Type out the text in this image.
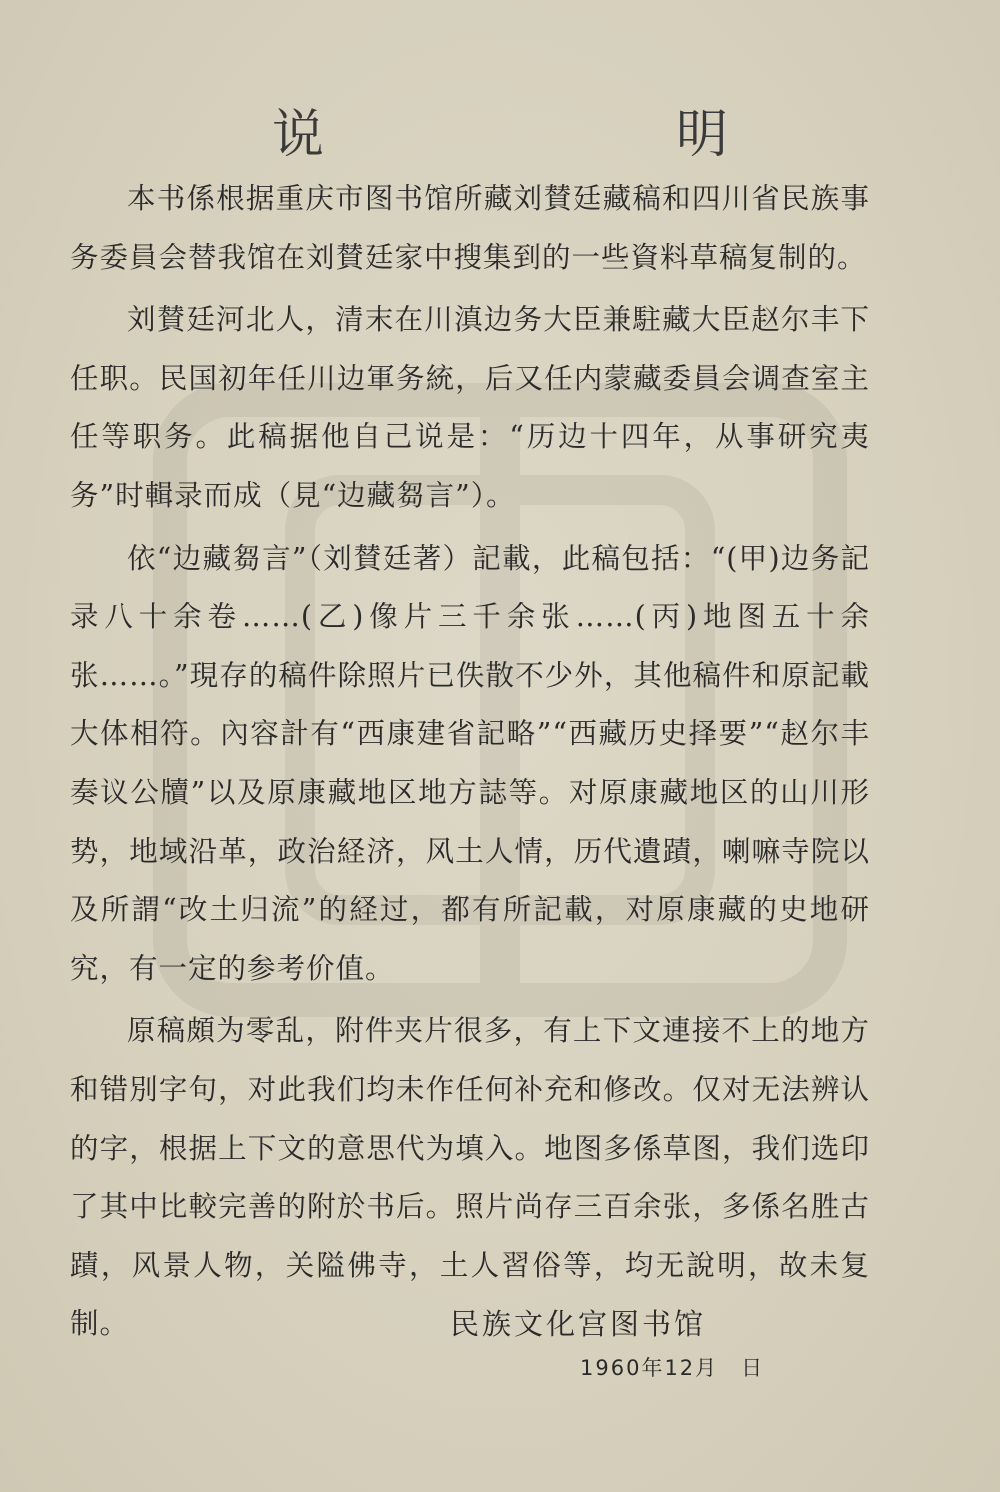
说　明

本书係根据重庆市图书馆所藏刘賛廷藏稿和四川省民族事务委員会替我馆在刘賛廷家中搜集到的一些資料草稿复制的。

刘賛廷河北人，清末在川滇边务大臣兼駐藏大臣赵尔丰下任职。民国初年任川边軍务統，后又任内蒙藏委員会调查室主任等职务。此稿据他自己说是：“历边十四年，从事研究夷务”时輯录而成（見“边藏芻言”）。

依“边藏芻言”（刘賛廷著）記載，此稿包括：“(甲)边务記录八十余卷……(乙)像片三千余张……(丙)地图五十余张……。”現存的稿件除照片已佚散不少外，其他稿件和原記載大体相符。內容計有“西康建省記略”“西藏历史择要”“赵尔丰奏议公牘”以及原康藏地区地方誌等。对原康藏地区的山川形势，地域沿革，政治経济，风土人情，历代遺蹟，喇嘛寺院以及所謂“改土归流”的経过，都有所記載，对原康藏的史地研究，有一定的参考价值。

原稿頗为零乱，附件夹片很多，有上下文連接不上的地方和错別字句，对此我们均未作任何补充和修改。仅对无法辨认的字，根据上下文的意思代为填入。地图多係草图，我们选印了其中比較完善的附於书后。照片尚存三百余张，多係名胜古蹟，风景人物，关隘佛寺，土人習俗等，均无說明，故未复制。	民族文化宫图书馆
1960年12月　日
